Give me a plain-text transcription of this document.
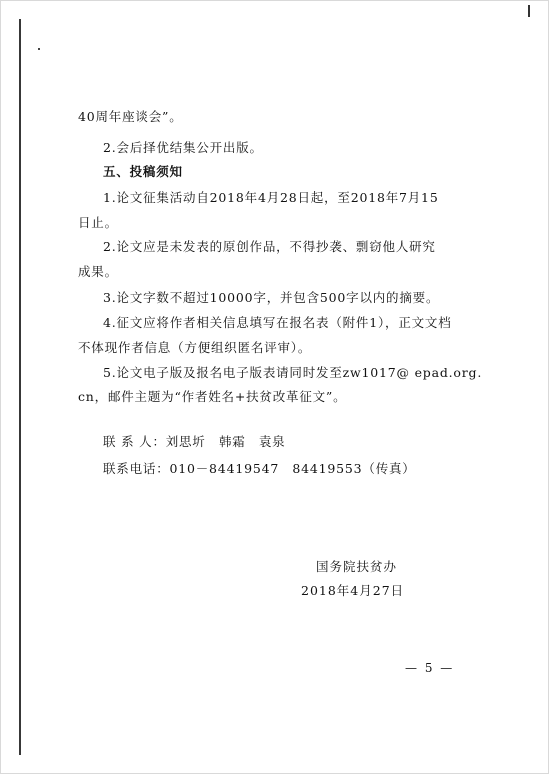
40周年座谈会”。
2.会后择优结集公开出版。
五、投稿须知
1.论文征集活动自2018年4月28日起，至2018年7月15
日止。
2.论文应是未发表的原创作品，不得抄袭、剽窃他人研究
成果。
3.论文字数不超过10000字，并包含500字以内的摘要。
4.征文应将作者相关信息填写在报名表（附件1），正文文档
不体现作者信息（方便组织匿名评审）。
5.论文电子版及报名电子版表请同时发至zw1017@ epad.org.
cn，邮件主题为“作者姓名+扶贫改革征文”。
联 系 人：刘思圻　韩霜　袁泉
联系电话：010－84419547　84419553（传真）
国务院扶贫办
2018年4月27日
— 5 —
